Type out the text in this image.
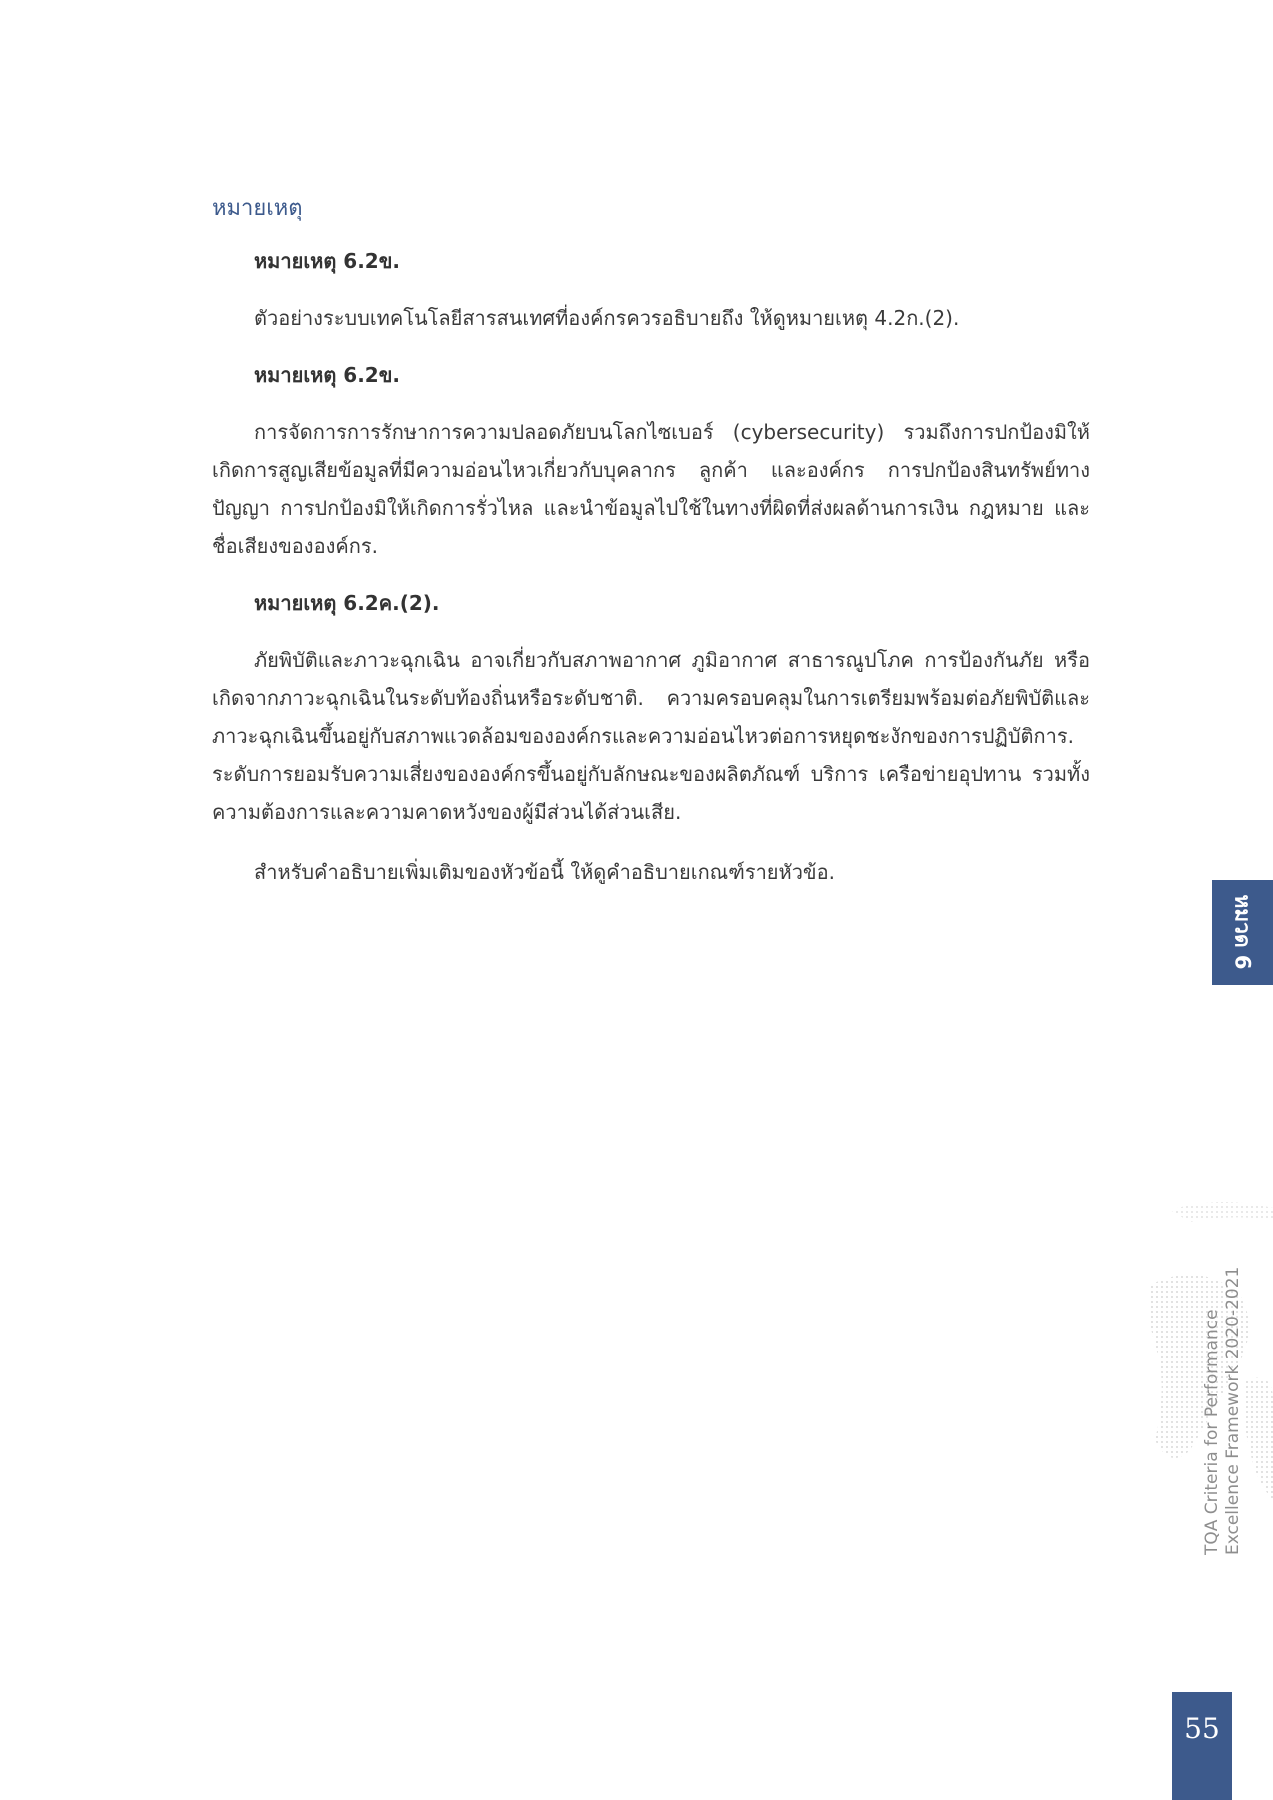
หมายเหตุ

หมายเหตุ 6.2ข.

ตัวอย่างระบบเทคโนโลยีสารสนเทศที่องค์กรควรอธิบายถึง ให้ดูหมายเหตุ 4.2ก.(2).

หมายเหตุ 6.2ข.

การจัดการการรักษาการความปลอดภัยบนโลกไซเบอร์ (cybersecurity) รวมถึงการปกป้องมิให้เกิดการสูญเสียข้อมูลที่มีความอ่อนไหวเกี่ยวกับบุคลากร ลูกค้า และองค์กร การปกป้องสินทรัพย์ทางปัญญา การปกป้องมิให้เกิดการรั่วไหล และนำข้อมูลไปใช้ในทางที่ผิดที่ส่งผลด้านการเงิน กฎหมาย และชื่อเสียงขององค์กร.

หมายเหตุ 6.2ค.(2).

ภัยพิบัติและภาวะฉุกเฉิน อาจเกี่ยวกับสภาพอากาศ ภูมิอากาศ สาธารณูปโภค การป้องกันภัย หรือเกิดจากภาวะฉุกเฉินในระดับท้องถิ่นหรือระดับชาติ. ความครอบคลุมในการเตรียมพร้อมต่อภัยพิบัติและภาวะฉุกเฉินขึ้นอยู่กับสภาพแวดล้อมขององค์กรและความอ่อนไหวต่อการหยุดชะงักของการปฏิบัติการ. ระดับการยอมรับความเสี่ยงขององค์กรขึ้นอยู่กับลักษณะของผลิตภัณฑ์ บริการ เครือข่ายอุปทาน รวมทั้งความต้องการและความคาดหวังของผู้มีส่วนได้ส่วนเสีย.

สำหรับคำอธิบายเพิ่มเติมของหัวข้อนี้ ให้ดูคำอธิบายเกณฑ์รายหัวข้อ.

หมวด 6
TQA Criteria for Performance Excellence Framework 2020-2021
55
